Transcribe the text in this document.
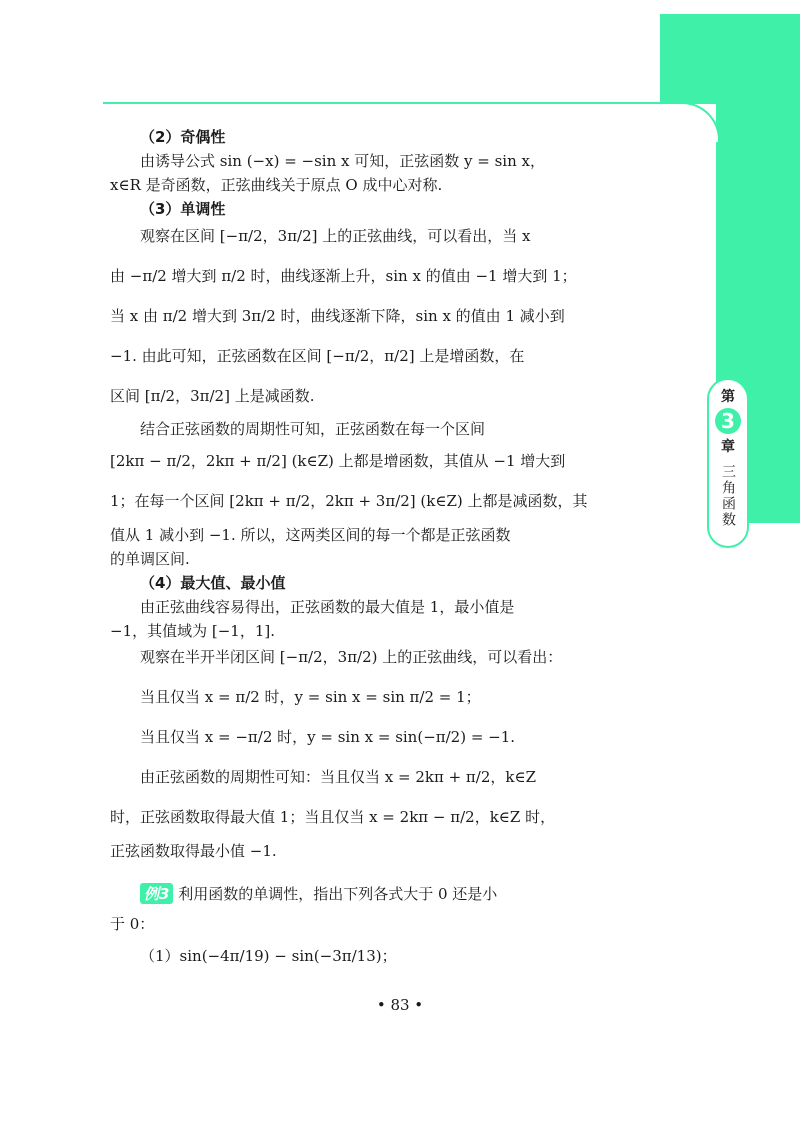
第
3
章
三角函数
（2）奇偶性
由诱导公式 sin (−x) = −sin x 可知，正弦函数 y = sin x，
x∈R 是奇函数，正弦曲线关于原点 O 成中心对称.
（3）单调性
观察在区间 [−π/2，3π/2] 上的正弦曲线，可以看出，当 x
由 −π/2 增大到 π/2 时，曲线逐渐上升，sin x 的值由 −1 增大到 1；
当 x 由 π/2 增大到 3π/2 时，曲线逐渐下降，sin x 的值由 1 减小到
−1. 由此可知，正弦函数在区间 [−π/2，π/2] 上是增函数，在
区间 [π/2，3π/2] 上是减函数.
结合正弦函数的周期性可知，正弦函数在每一个区间
[2kπ − π/2，2kπ + π/2] (k∈Z) 上都是增函数，其值从 −1 增大到
1；在每一个区间 [2kπ + π/2，2kπ + 3π/2] (k∈Z) 上都是减函数，其
值从 1 减小到 −1. 所以，这两类区间的每一个都是正弦函数
的单调区间.
（4）最大值、最小值
由正弦曲线容易得出，正弦函数的最大值是 1，最小值是
−1，其值域为 [−1，1].
观察在半开半闭区间 [−π/2，3π/2) 上的正弦曲线，可以看出：
当且仅当 x = π/2 时，y = sin x = sin π/2 = 1；
当且仅当 x = −π/2 时，y = sin x = sin(−π/2) = −1.
由正弦函数的周期性可知：当且仅当 x = 2kπ + π/2，k∈Z
时，正弦函数取得最大值 1；当且仅当 x = 2kπ − π/2，k∈Z 时，
正弦函数取得最小值 −1.
例3 利用函数的单调性，指出下列各式大于 0 还是小
于 0：
（1）sin(−4π/19) − sin(−3π/13)；
• 83 •
